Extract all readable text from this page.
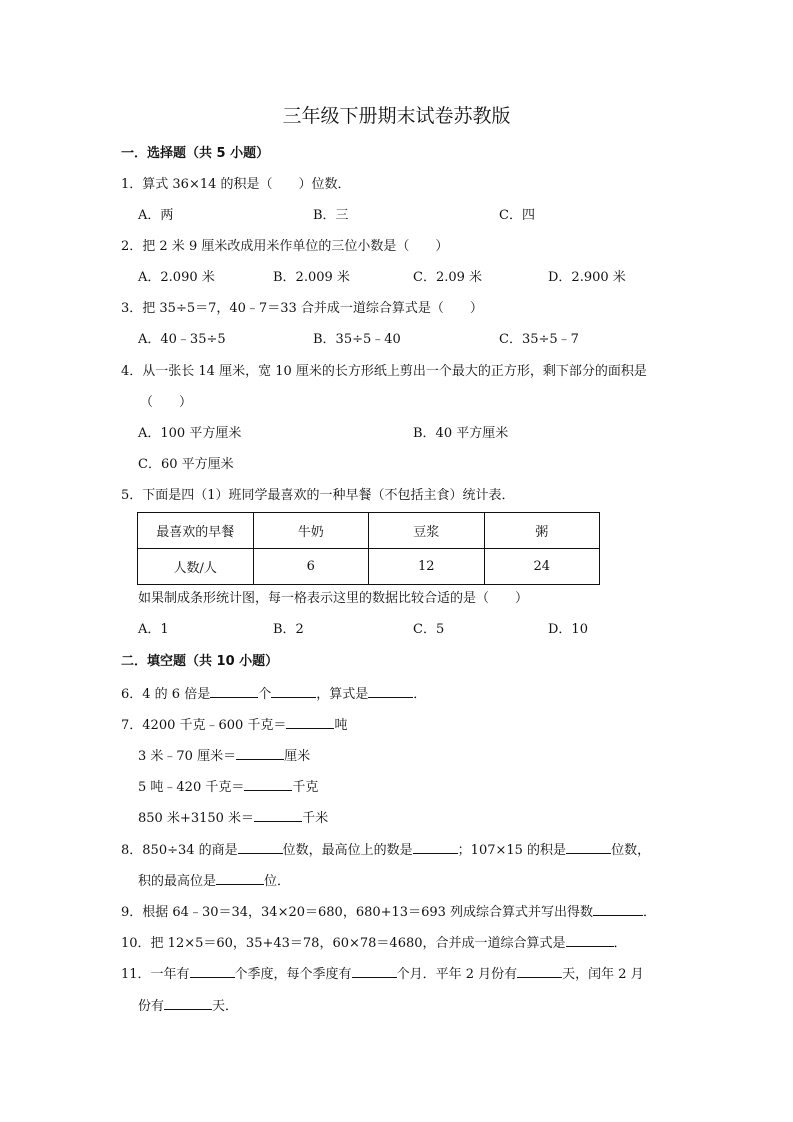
三年级下册期末试卷苏教版
一．选择题（共 5 小题）
1．算式 36×14 的积是（　　）位数．
A．两	B．三	C．四
2．把 2 米 9 厘米改成用米作单位的三位小数是（　　）
A．2.090 米	B．2.009 米	C．2.09 米	D．2.900 米
3．把 35÷5＝7，40﹣7＝33 合并成一道综合算式是（　　）
A．40﹣35÷5	B．35÷5﹣40	C．35÷5﹣7
4．从一张长 14 厘米，宽 10 厘米的长方形纸上剪出一个最大的正方形，剩下部分的面积是
（　　）
A．100 平方厘米	B．40 平方厘米
C．60 平方厘米
5．下面是四（1）班同学最喜欢的一种早餐（不包括主食）统计表．
最喜欢的早餐	牛奶	豆浆	粥
人数/人	6	12	24
如果制成条形统计图，每一格表示这里的数据比较合适的是（　　）
A．1	B．2	C．5	D．10
二．填空题（共 10 小题）
6．4 的 6 倍是	个	，算式是	．
7．4200 千克﹣600 千克＝	吨
3 米﹣70 厘米＝	厘米
5 吨﹣420 千克＝	千克
850 米+3150 米＝	千米
8．850÷34 的商是	位数，最高位上的数是	；107×15 的积是	位数，
积的最高位是	位．
9．根据 64﹣30＝34，34×20＝680，680+13＝693 列成综合算式并写出得数	．
10．把 12×5＝60，35+43＝78，60×78＝4680，合并成一道综合算式是	．
11．一年有	个季度，每个季度有	个月．平年 2 月份有	天，闰年 2 月
份有	天．
